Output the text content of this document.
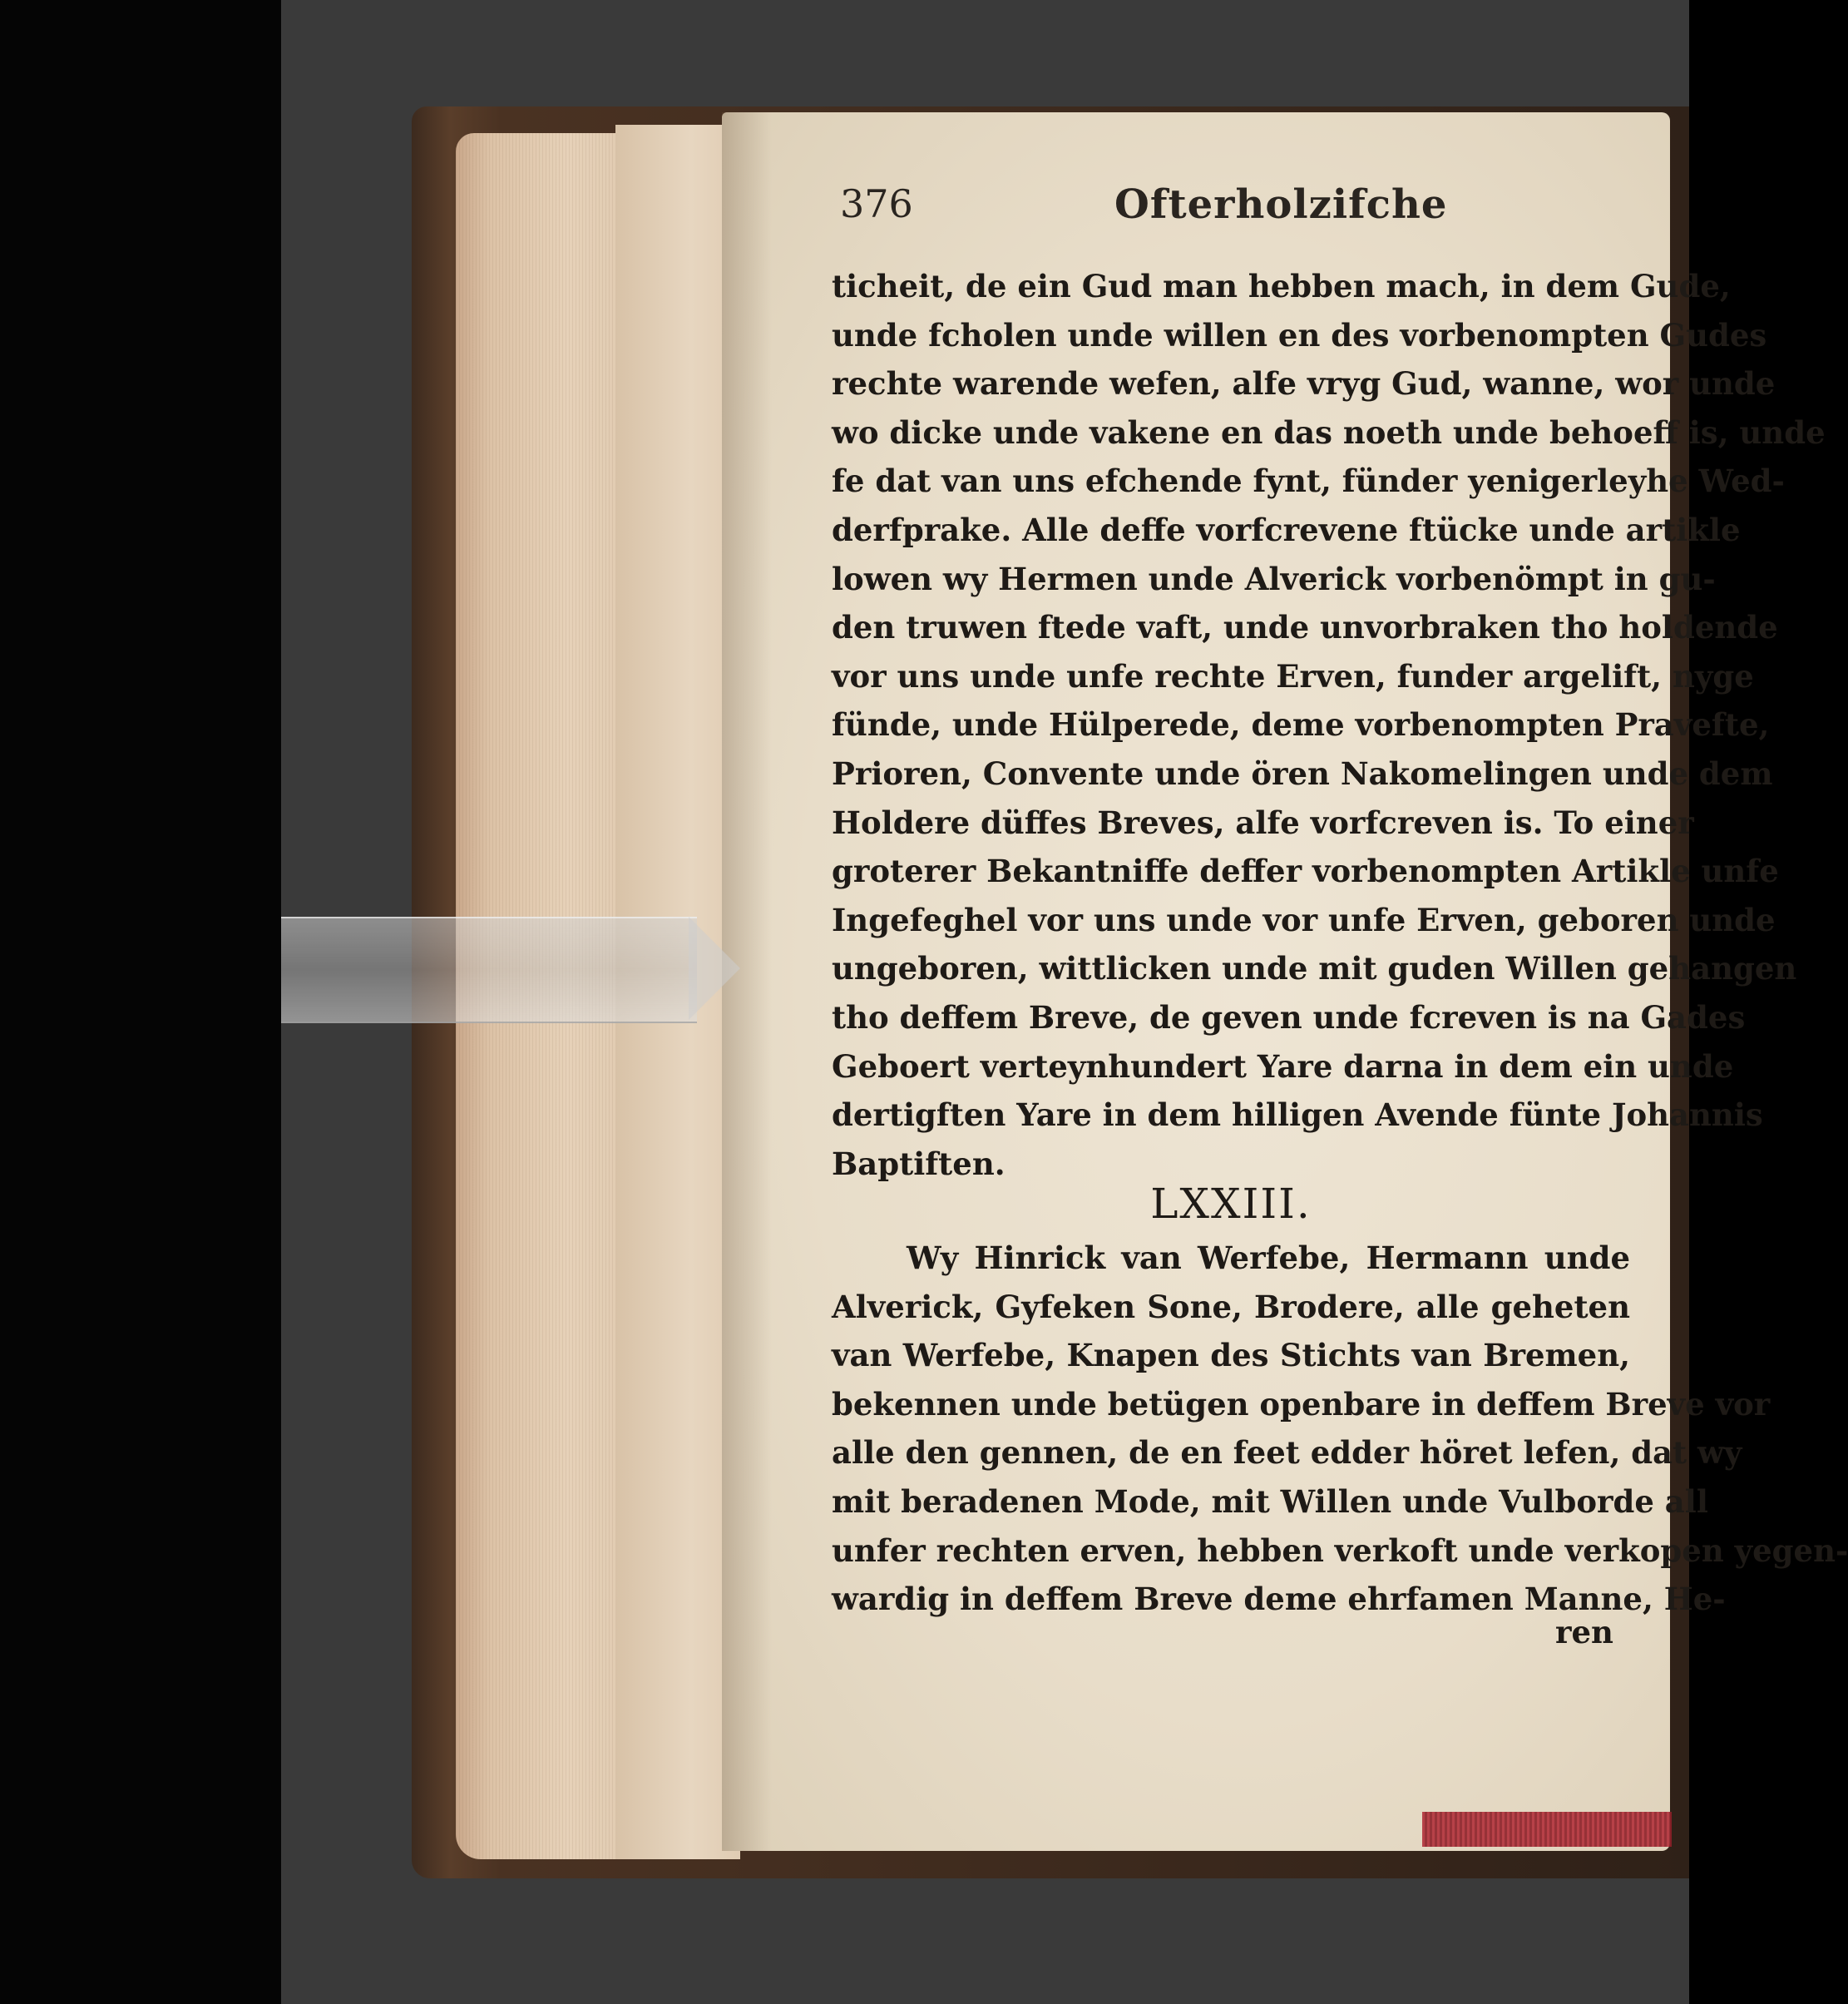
376	Ofterholzifche
ticheit, de ein Gud man hebben mach, in dem Gude,
unde fcholen unde willen en des vorbenompten Gudes
rechte warende wefen, alfe vryg Gud, wanne, wor unde
wo dicke unde vakene en das noeth unde behoeff is, unde
fe dat van uns efchende fynt, fünder yenigerleyhe Wed-
derfprake. Alle deffe vorfcrevene ftücke unde artikle
lowen wy Hermen unde Alverick vorbenömpt in gu-
den truwen ftede vaft, unde unvorbraken tho holdende
vor uns unde unfe rechte Erven, funder argelift, nyge
fünde, unde Hülperede, deme vorbenompten Pravefte,
Prioren, Convente unde ören Nakomelingen unde dem
Holdere düffes Breves, alfe vorfcreven is. To einer
groterer Bekantniffe deffer vorbenompten Artikle unfe
Ingefeghel vor uns unde vor unfe Erven, geboren unde
ungeboren, wittlicken unde mit guden Willen gehangen
tho deffem Breve, de geven unde fcreven is na Gades
Geboert verteynhundert Yare darna in dem ein unde
dertigften Yare in dem hilligen Avende fünte Johannis
Baptiften.
LXXIII.
Wy Hinrick van Werfebe, Hermann unde
Alverick, Gyfeken Sone, Brodere, alle geheten
van Werfebe, Knapen des Stichts van Bremen,
bekennen unde betügen openbare in deffem Breve vor
alle den gennen, de en feet edder höret lefen, dat wy
mit beradenen Mode, mit Willen unde Vulborde all
unfer rechten erven, hebben verkoft unde verkopen yegen-
wardig in deffem Breve deme ehrfamen Manne, He-
ren
